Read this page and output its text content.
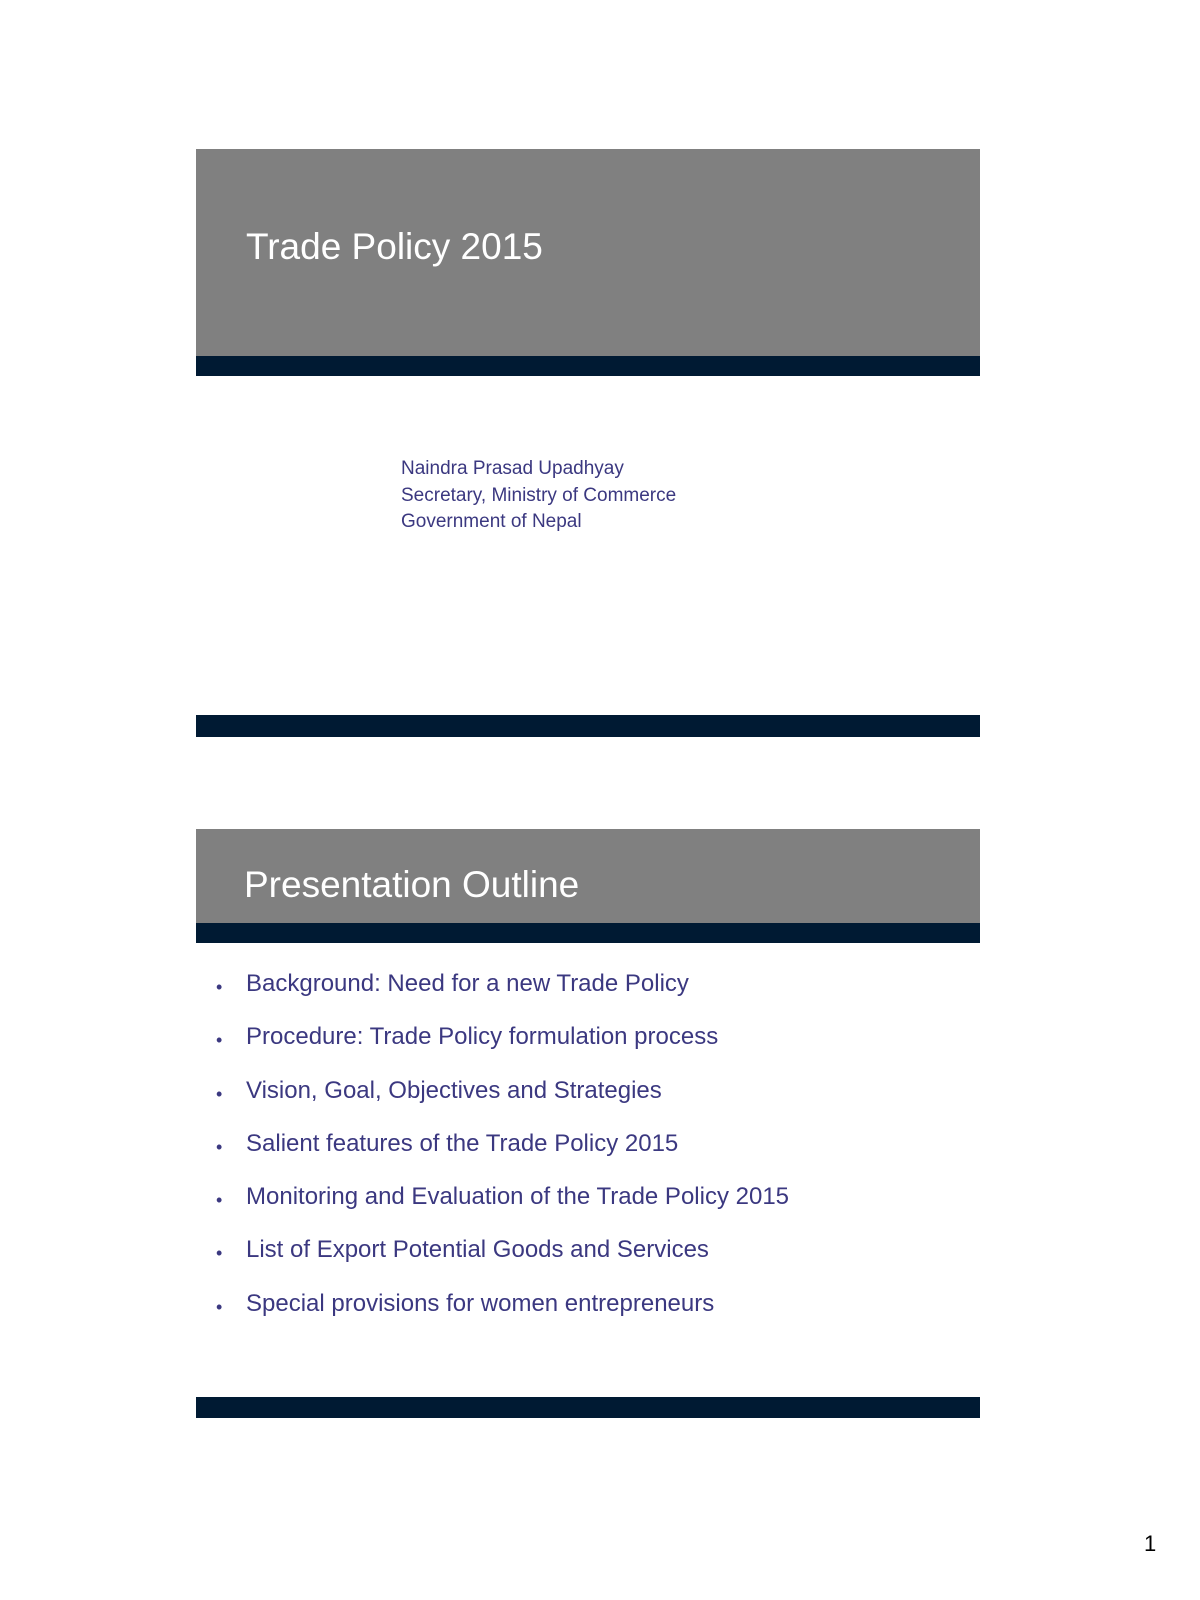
Trade Policy 2015
Naindra Prasad Upadhyay
Secretary, Ministry of Commerce
Government of Nepal
Presentation Outline
• Background: Need for a new Trade Policy
• Procedure: Trade Policy formulation process
• Vision, Goal, Objectives and Strategies
• Salient features of the Trade Policy 2015
• Monitoring and Evaluation of the Trade Policy 2015
• List of Export Potential Goods and Services
• Special provisions for women entrepreneurs
1
